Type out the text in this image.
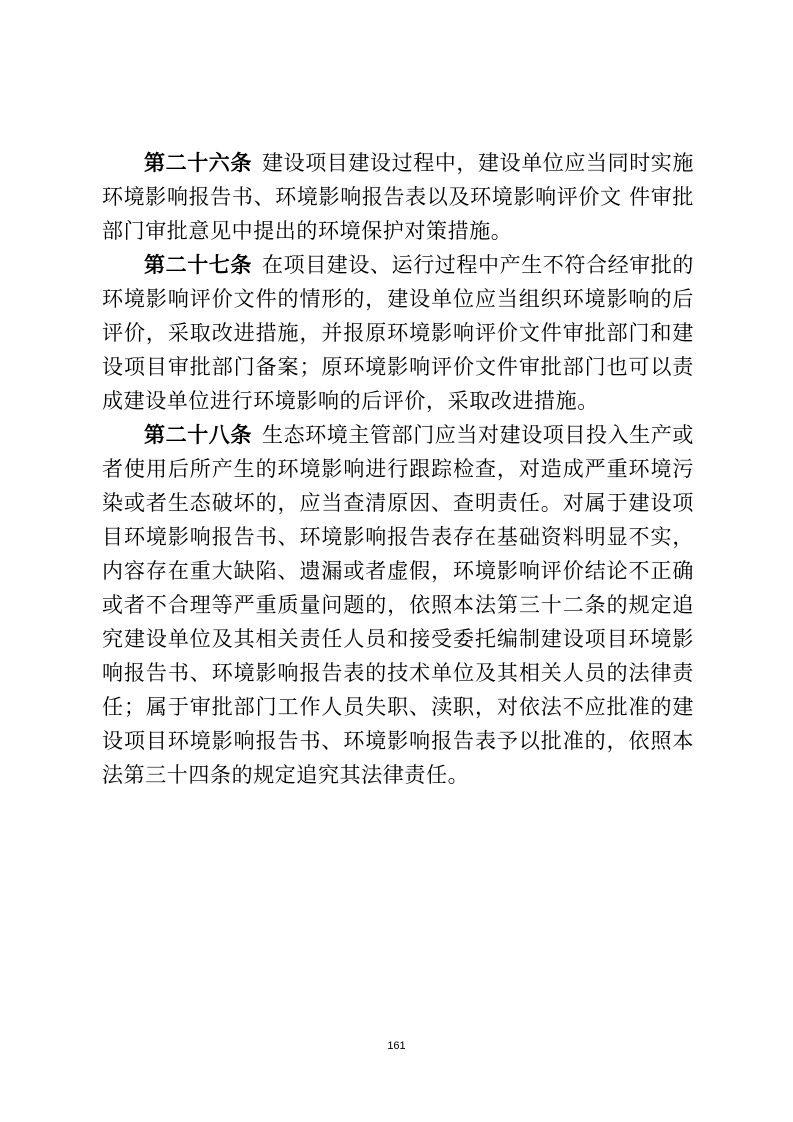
第二十六条 建设项目建设过程中，建设单位应当同时实施环境影响报告书、环境影响报告表以及环境影响评价文 件审批部门审批意见中提出的环境保护对策措施。

第二十七条 在项目建设、运行过程中产生不符合经审批的环境影响评价文件的情形的，建设单位应当组织环境影响的后评价，采取改进措施，并报原环境影响评价文件审批部门和建设项目审批部门备案；原环境影响评价文件审批部门也可以责成建设单位进行环境影响的后评价，采取改进措施。

第二十八条 生态环境主管部门应当对建设项目投入生产或者使用后所产生的环境影响进行跟踪检查，对造成严重环境污染或者生态破坏的，应当查清原因、查明责任。对属于建设项目环境影响报告书、环境影响报告表存在基础资料明显不实，内容存在重大缺陷、遗漏或者虚假，环境影响评价结论不正确或者不合理等严重质量问题的，依照本法第三十二条的规定追究建设单位及其相关责任人员和接受委托编制建设项目环境影响报告书、环境影响报告表的技术单位及其相关人员的法律责任；属于审批部门工作人员失职、渎职，对依法不应批准的建设项目环境影响报告书、环境影响报告表予以批准的，依照本法第三十四条的规定追究其法律责任。

161
